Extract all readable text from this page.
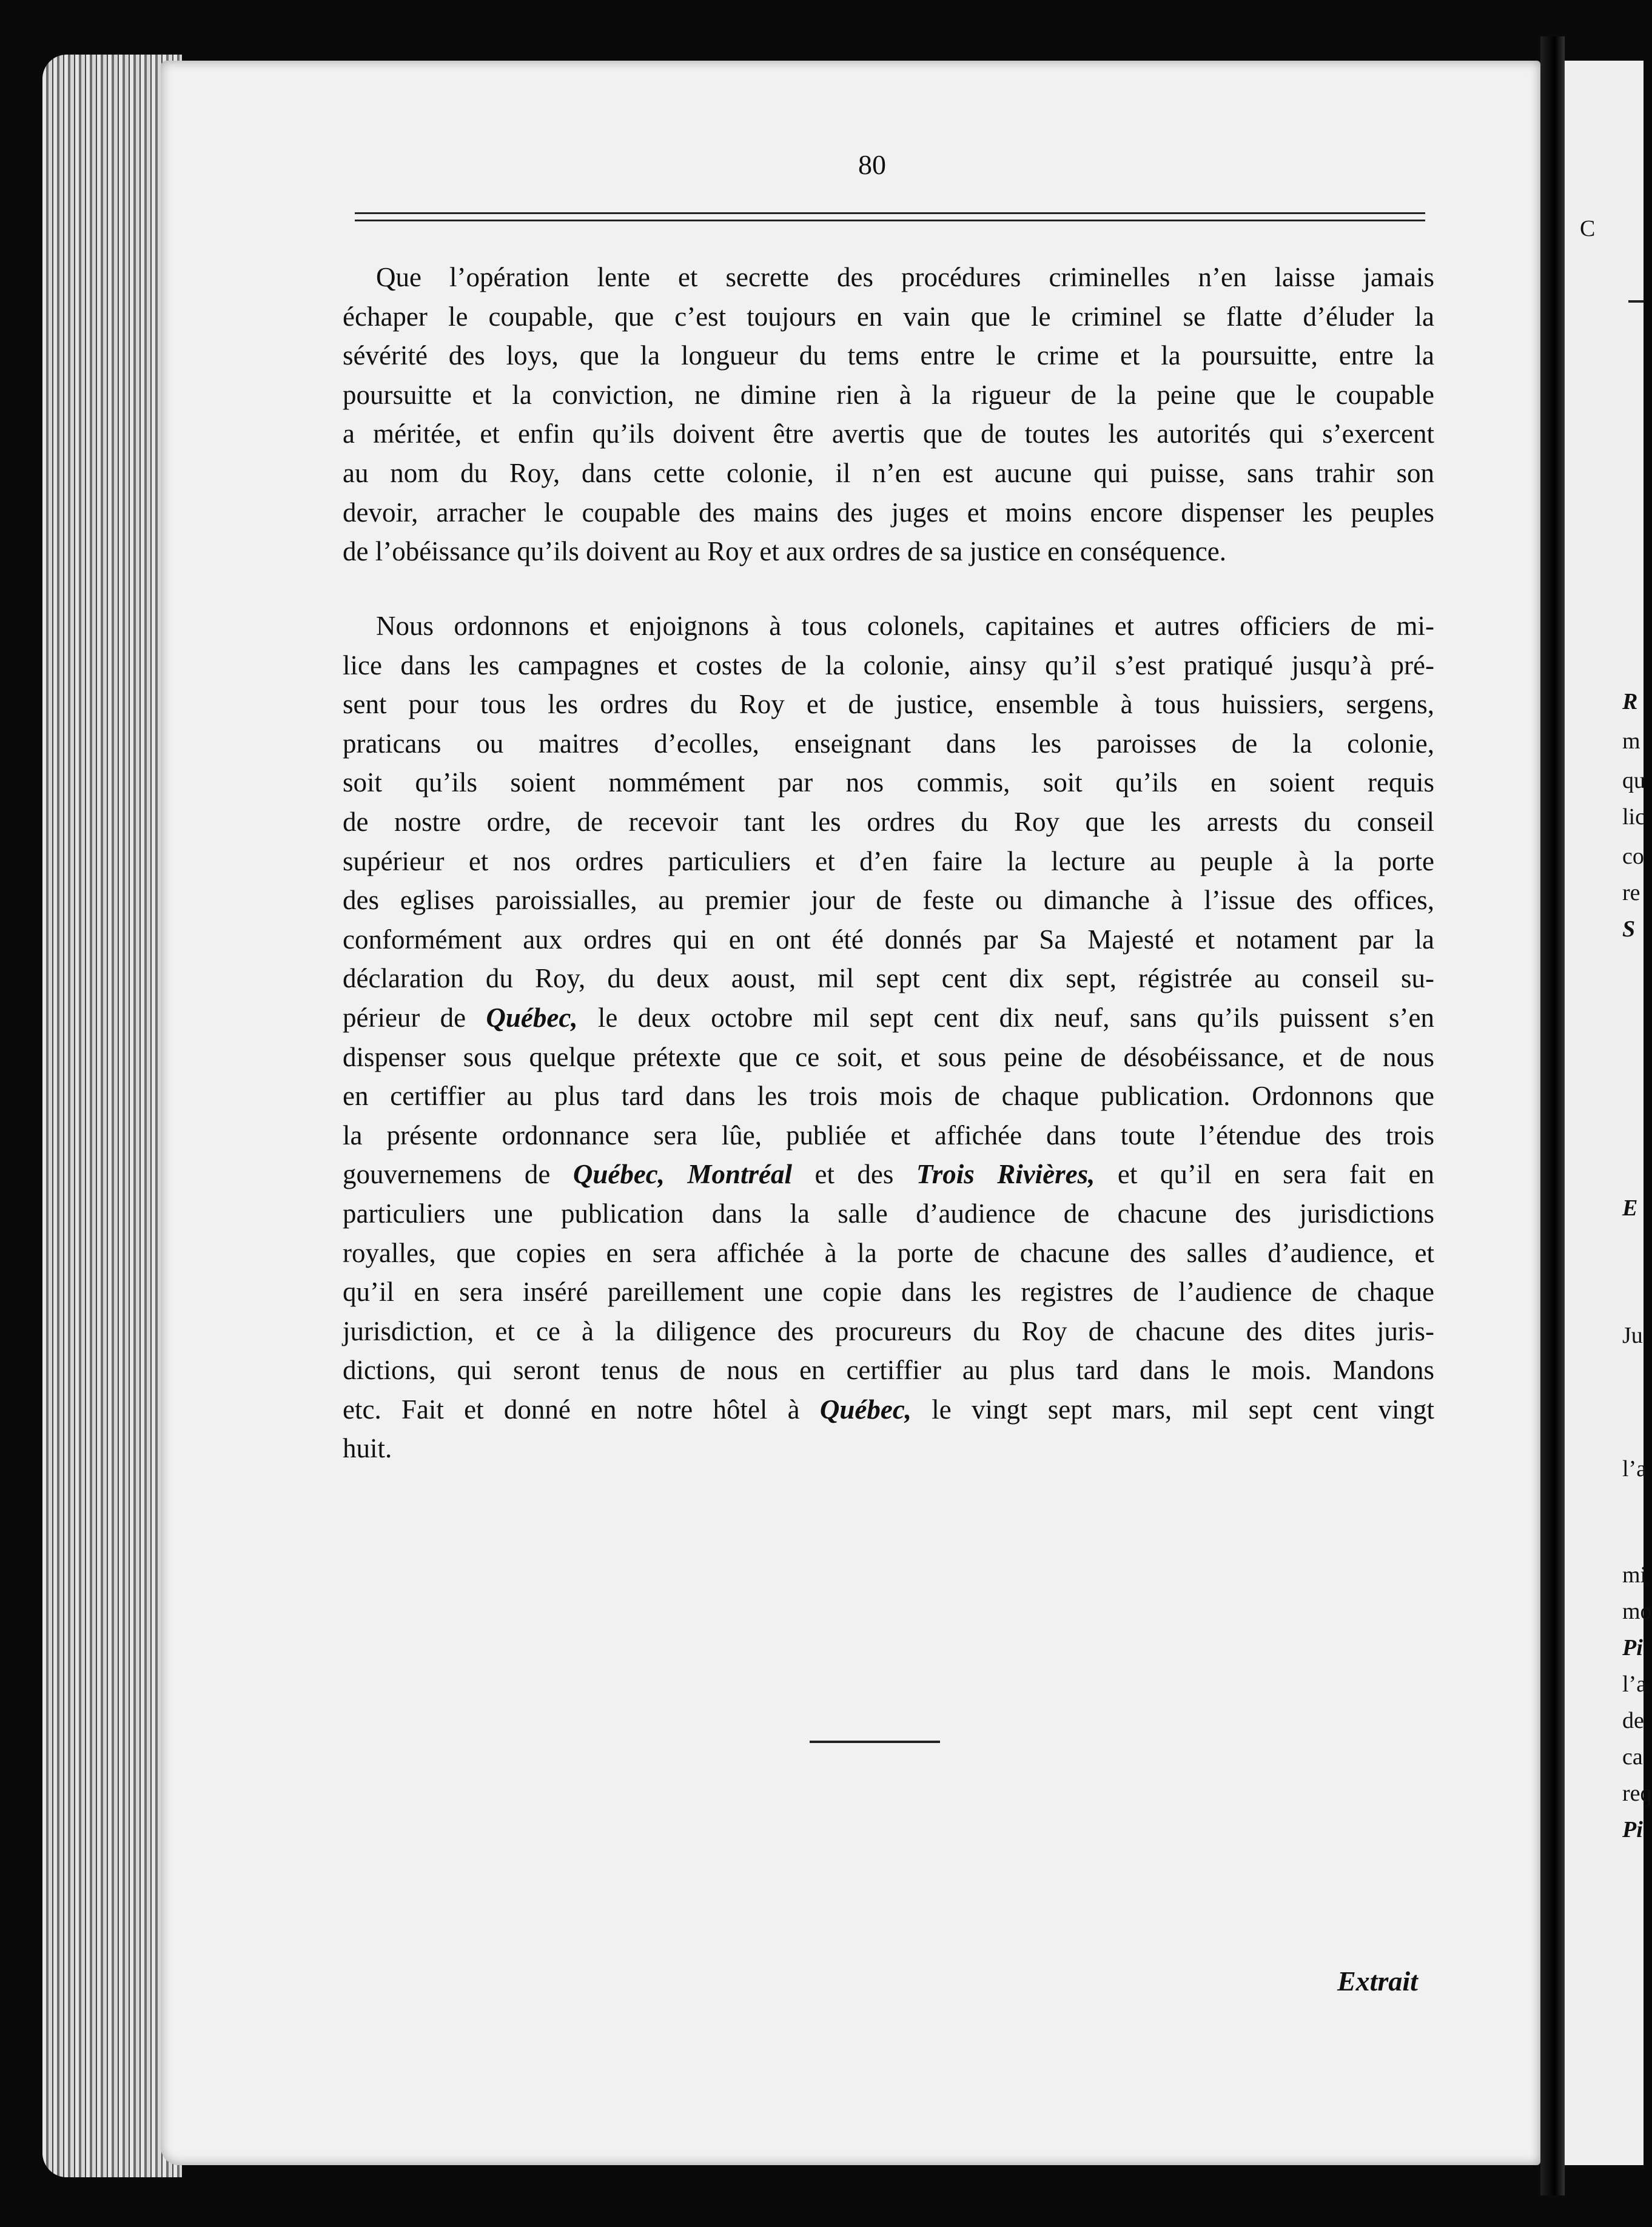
C
R
m
qu
lic
co
re
S
E
Ju
l’a
mi
mo
Pi
l’a
de
ca
req
Pi
80

Que l’opération lente et secrette des procédures criminelles n’en laisse jamais
échaper le coupable, que c’est toujours en vain que le criminel se flatte d’éluder la
sévérité des loys, que la longueur du tems entre le crime et la poursuitte, entre la
poursuitte et la conviction, ne dimine rien à la rigueur de la peine que le coupable
a méritée, et enfin qu’ils doivent être avertis que de toutes les autorités qui s’exercent
au nom du Roy, dans cette colonie, il n’en est aucune qui puisse, sans trahir son
devoir, arracher le coupable des mains des juges et moins encore dispenser les peuples
de l’obéissance qu’ils doivent au Roy et aux ordres de sa justice en conséquence.

Nous ordonnons et enjoignons à tous colonels, capitaines et autres officiers de mi-
lice dans les campagnes et costes de la colonie, ainsy qu’il s’est pratiqué jusqu’à pré-
sent pour tous les ordres du Roy et de justice, ensemble à tous huissiers, sergens,
praticans ou maitres d’ecolles, enseignant dans les paroisses de la colonie,
soit qu’ils soient nommément par nos commis, soit qu’ils en soient requis
de nostre ordre, de recevoir tant les ordres du Roy que les arrests du conseil
supérieur et nos ordres particuliers et d’en faire la lecture au peuple à la porte
des eglises paroissialles, au premier jour de feste ou dimanche à l’issue des offices,
conformément aux ordres qui en ont été donnés par Sa Majesté et notament par la
déclaration du Roy, du deux aoust, mil sept cent dix sept, régistrée au conseil su-
périeur de Québec, le deux octobre mil sept cent dix neuf, sans qu’ils puissent s’en
dispenser sous quelque prétexte que ce soit, et sous peine de désobéissance, et de nous
en certiffier au plus tard dans les trois mois de chaque publication. Ordonnons que
la présente ordonnance sera lûe, publiée et affichée dans toute l’étendue des trois
gouvernemens de Québec, Montréal et des Trois Rivières, et qu’il en sera fait en
particuliers une publication dans la salle d’audience de chacune des jurisdictions
royalles, que copies en sera affichée à la porte de chacune des salles d’audience, et
qu’il en sera inséré pareillement une copie dans les registres de l’audience de chaque
jurisdiction, et ce à la diligence des procureurs du Roy de chacune des dites juris-
dictions, qui seront tenus de nous en certiffier au plus tard dans le mois. Mandons
etc. Fait et donné en notre hôtel à Québec, le vingt sept mars, mil sept cent vingt
huit.

Extrait
